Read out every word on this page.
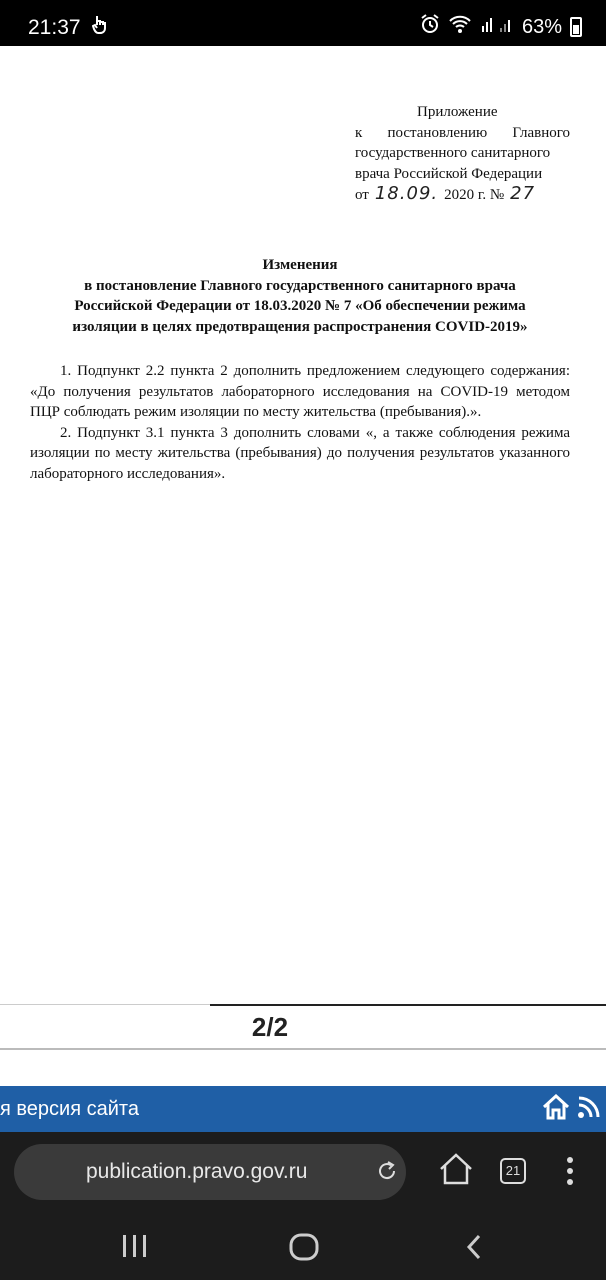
21:37	63%
Приложение
к постановлению Главного
государственного санитарного
врача Российской Федерации
от 18.09. 2020 г. № 27
Изменения
в постановление Главного государственного санитарного врача
Российской Федерации от 18.03.2020 № 7 «Об обеспечении режима
изоляции в целях предотвращения распространения COVID-2019»

1. Подпункт 2.2 пункта 2 дополнить предложением следующего содержания: «До получения результатов лабораторного исследования на COVID-19 методом ПЦР соблюдать режим изоляции по месту жительства (пребывания).».

2. Подпункт 3.1 пункта 3 дополнить словами «, а также соблюдения режима изоляции по месту жительства (пребывания) до получения результатов указанного лабораторного исследования».

2/2
я версия сайта
publication.pravo.gov.ru	21
